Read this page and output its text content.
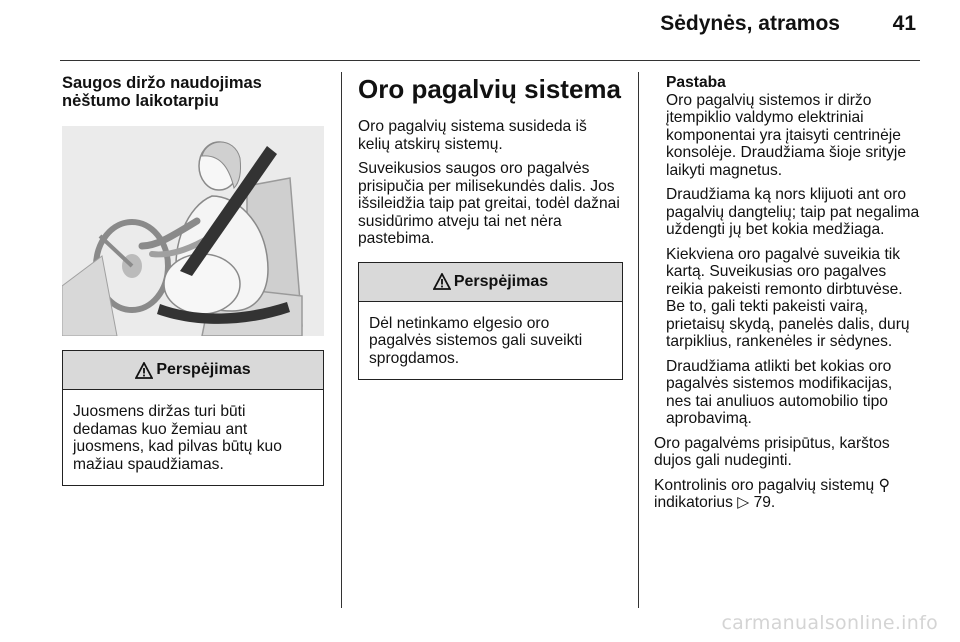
Sėdynės, atramos	41
Saugos diržo naudojimas
nėštumo laikotarpiu
Perspėjimas

Juosmens diržas turi būti
dedamas kuo žemiau ant
juosmens, kad pilvas būtų kuo
mažiau spaudžiamas.

Oro pagalvių sistema

Oro pagalvių sistema susideda iš
kelių atskirų sistemų.

Suveikusios saugos oro pagalvės
prisipučia per milisekundės dalis. Jos
išsileidžia taip pat greitai, todėl dažnai
susidūrimo atveju tai net nėra
pastebima.

Perspėjimas

Dėl netinkamo elgesio oro
pagalvės sistemos gali suveikti
sprogdamos.

Pastaba

Oro pagalvių sistemos ir diržo
įtempiklio valdymo elektriniai
komponentai yra įtaisyti centrinėje
konsolėje. Draudžiama šioje srityje
laikyti magnetus.

Draudžiama ką nors klijuoti ant oro
pagalvių dangtelių; taip pat negalima
uždengti jų bet kokia medžiaga.

Kiekviena oro pagalvė suveikia tik
kartą. Suveikusias oro pagalves
reikia pakeisti remonto dirbtuvėse.
Be to, gali tekti pakeisti vairą,
prietaisų skydą, panelės dalis, durų
tarpiklius, rankenėles ir sėdynes.

Draudžiama atlikti bet kokias oro
pagalvės sistemos modifikacijas,
nes tai anuliuos automobilio tipo
aprobavimą.

Oro pagalvėms prisipūtus, karštos
dujos gali nudeginti.

Kontrolinis oro pagalvių sistemų ⚲
indikatorius ▷ 79.

carmanualsonline.info
